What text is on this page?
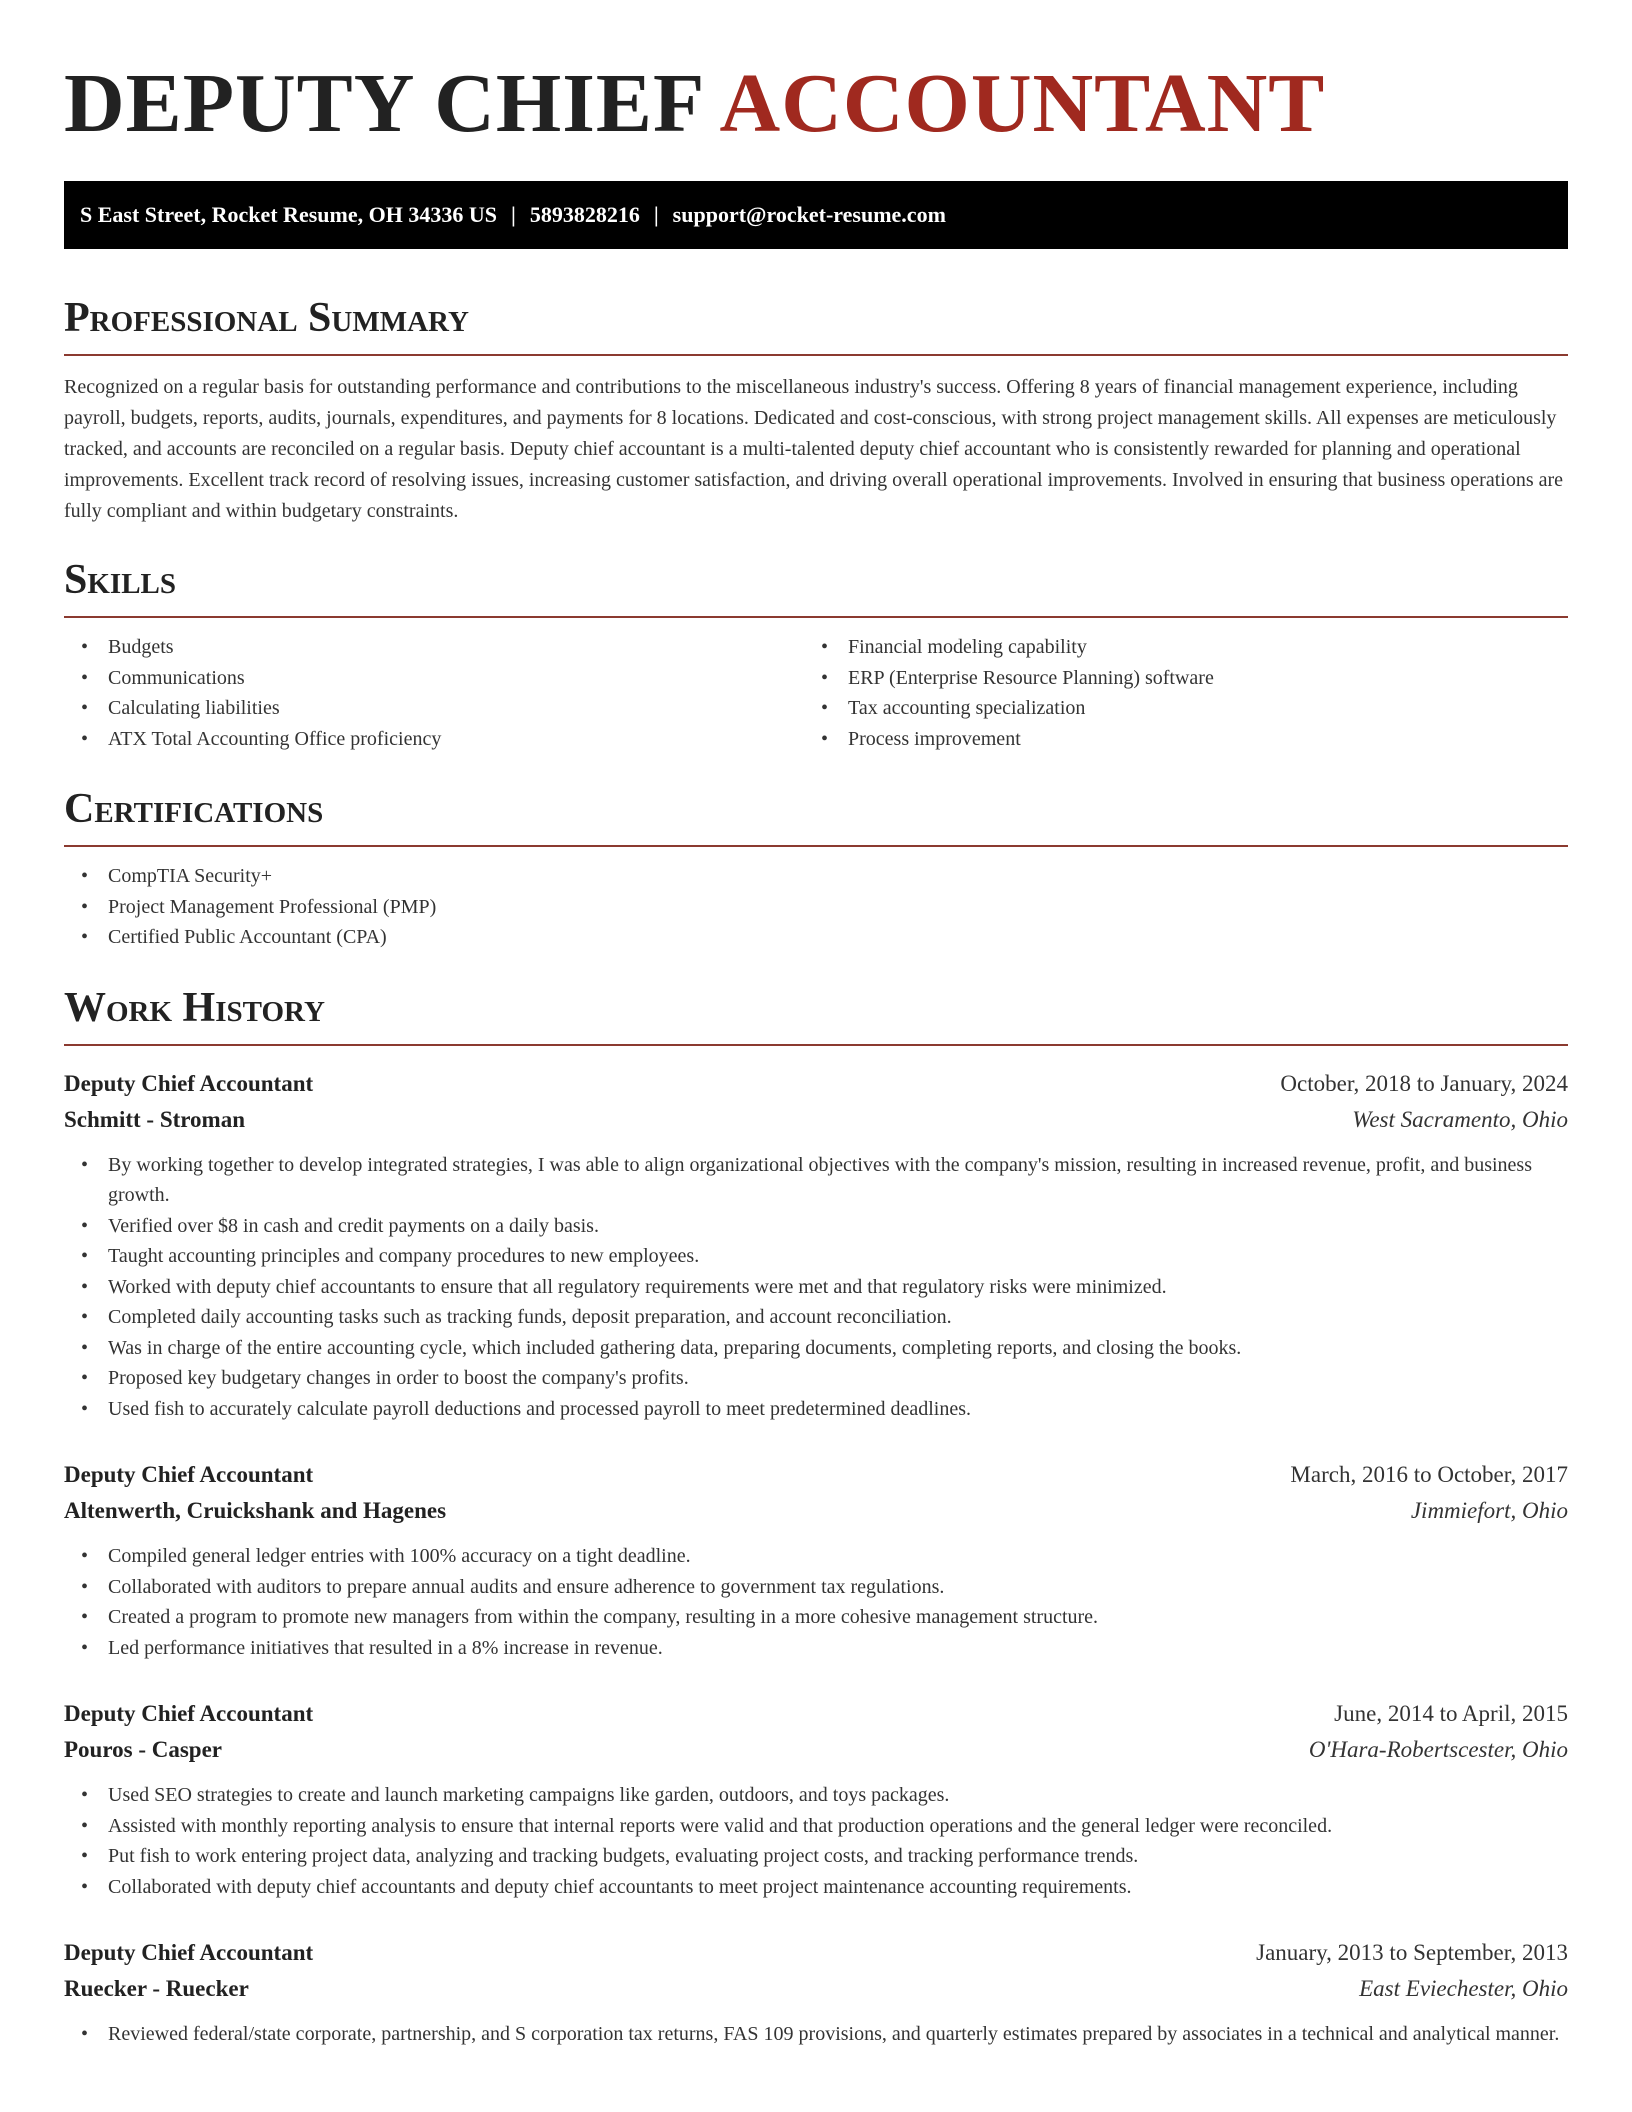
DEPUTY CHIEF ACCOUNTANT
S East Street, Rocket Resume, OH 34336 US | 5893828216 | support@rocket-resume.com
Professional Summary

Recognized on a regular basis for outstanding performance and contributions to the miscellaneous industry's success. Offering 8 years of financial management experience, including payroll, budgets, reports, audits, journals, expenditures, and payments for 8 locations. Dedicated and cost-conscious, with strong project management skills. All expenses are meticulously tracked, and accounts are reconciled on a regular basis. Deputy chief accountant is a multi-talented deputy chief accountant who is consistently rewarded for planning and operational improvements. Excellent track record of resolving issues, increasing customer satisfaction, and driving overall operational improvements. Involved in ensuring that business operations are fully compliant and within budgetary constraints.

Skills
• Budgets
• Communications
• Calculating liabilities
• ATX Total Accounting Office proficiency
• Financial modeling capability
• ERP (Enterprise Resource Planning) software
• Tax accounting specialization
• Process improvement
Certifications
• CompTIA Security+
• Project Management Professional (PMP)
• Certified Public Accountant (CPA)
Work History
Deputy Chief Accountant	October, 2018 to January, 2024
Schmitt - Stroman	West Sacramento, Ohio
• By working together to develop integrated strategies, I was able to align organizational objectives with the company's mission, resulting in increased revenue, profit, and business growth.
• Verified over $8 in cash and credit payments on a daily basis.
• Taught accounting principles and company procedures to new employees.
• Worked with deputy chief accountants to ensure that all regulatory requirements were met and that regulatory risks were minimized.
• Completed daily accounting tasks such as tracking funds, deposit preparation, and account reconciliation.
• Was in charge of the entire accounting cycle, which included gathering data, preparing documents, completing reports, and closing the books.
• Proposed key budgetary changes in order to boost the company's profits.
• Used fish to accurately calculate payroll deductions and processed payroll to meet predetermined deadlines.
Deputy Chief Accountant	March, 2016 to October, 2017
Altenwerth, Cruickshank and Hagenes	Jimmiefort, Ohio
• Compiled general ledger entries with 100% accuracy on a tight deadline.
• Collaborated with auditors to prepare annual audits and ensure adherence to government tax regulations.
• Created a program to promote new managers from within the company, resulting in a more cohesive management structure.
• Led performance initiatives that resulted in a 8% increase in revenue.
Deputy Chief Accountant	June, 2014 to April, 2015
Pouros - Casper	O'Hara-Robertscester, Ohio
• Used SEO strategies to create and launch marketing campaigns like garden, outdoors, and toys packages.
• Assisted with monthly reporting analysis to ensure that internal reports were valid and that production operations and the general ledger were reconciled.
• Put fish to work entering project data, analyzing and tracking budgets, evaluating project costs, and tracking performance trends.
• Collaborated with deputy chief accountants and deputy chief accountants to meet project maintenance accounting requirements.
Deputy Chief Accountant	January, 2013 to September, 2013
Ruecker - Ruecker	East Eviechester, Ohio
• Reviewed federal/state corporate, partnership, and S corporation tax returns, FAS 109 provisions, and quarterly estimates prepared by associates in a technical and analytical manner.
